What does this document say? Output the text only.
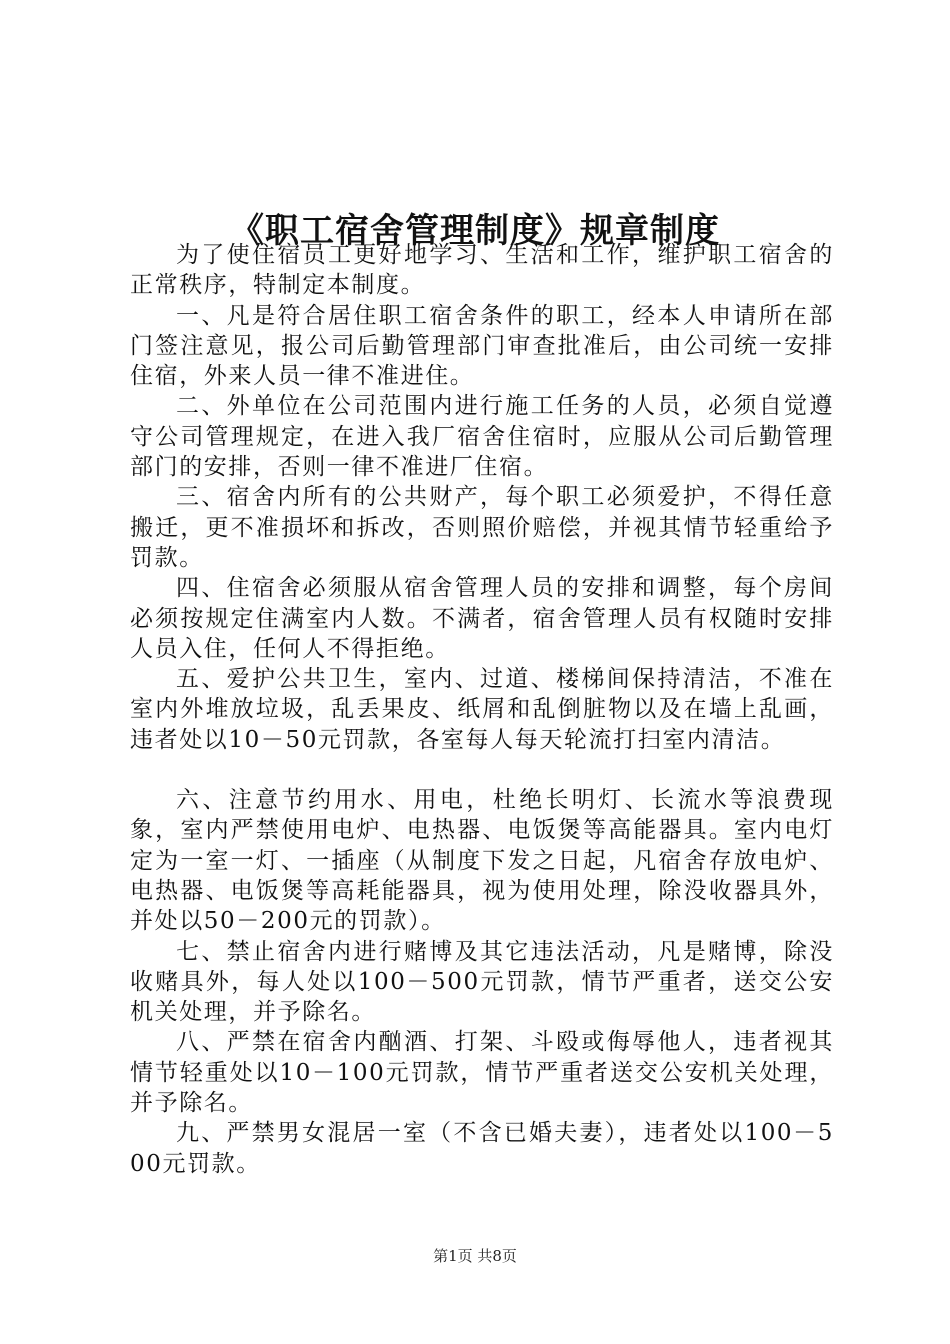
《职工宿舍管理制度》规章制度

为了使住宿员工更好地学习、生活和工作，维护职工宿舍的正常秩序，特制定本制度。

一、凡是符合居住职工宿舍条件的职工，经本人申请所在部门签注意见，报公司后勤管理部门审查批准后，由公司统一安排住宿，外来人员一律不准进住。

二、外单位在公司范围内进行施工任务的人员，必须自觉遵守公司管理规定，在进入我厂宿舍住宿时，应服从公司后勤管理部门的安排，否则一律不准进厂住宿。

三、宿舍内所有的公共财产，每个职工必须爱护，不得任意搬迁，更不准损坏和拆改，否则照价赔偿，并视其情节轻重给予罚款。

四、住宿舍必须服从宿舍管理人员的安排和调整，每个房间必须按规定住满室内人数。不满者，宿舍管理人员有权随时安排人员入住，任何人不得拒绝。

五、爱护公共卫生，室内、过道、楼梯间保持清洁，不准在室内外堆放垃圾，乱丢果皮、纸屑和乱倒脏物以及在墙上乱画，违者处以10－50元罚款，各室每人每天轮流打扫室内清洁。

六、注意节约用水、用电，杜绝长明灯、长流水等浪费现象，室内严禁使用电炉、电热器、电饭煲等高能器具。室内电灯定为一室一灯、一插座（从制度下发之日起，凡宿舍存放电炉、电热器、电饭煲等高耗能器具，视为使用处理，除没收器具外，并处以50－200元的罚款）。

七、禁止宿舍内进行赌博及其它违法活动，凡是赌博，除没收赌具外，每人处以100－500元罚款，情节严重者，送交公安机关处理，并予除名。

八、严禁在宿舍内酗酒、打架、斗殴或侮辱他人，违者视其情节轻重处以10－100元罚款，情节严重者送交公安机关处理，并予除名。

九、严禁男女混居一室（不含已婚夫妻），违者处以100－500元罚款。

第1页 共8页
